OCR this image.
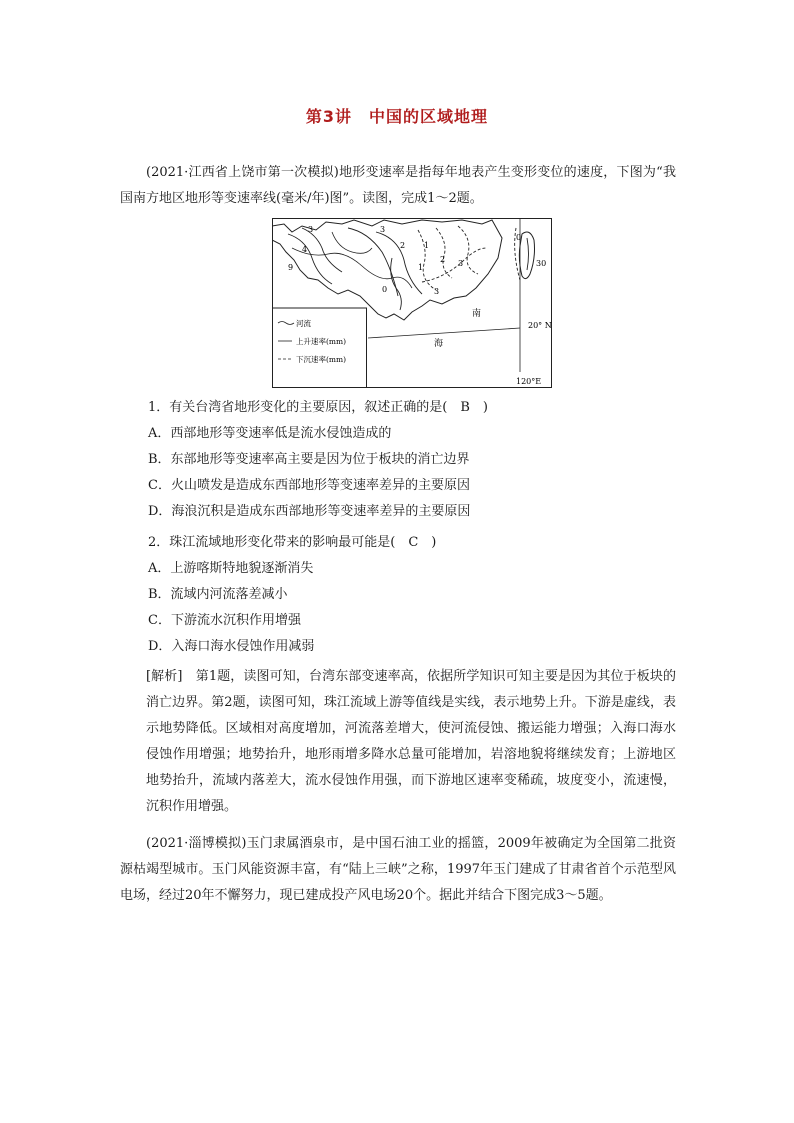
第3讲　中国的区域地理

(2021·江西省上饶市第一次模拟)地形变速率是指每年地表产生变形变位的速度，下图为“我国南方地区地形等变速率线(毫米/年)图”。读图，完成1～2题。

河流
上升速率(mm)
下沉速率(mm)
南
海
20° N
120°E
3
4
9
3
2 1
0
1
2 3
3
0
30

1．有关台湾省地形变化的主要原因，叙述正确的是(　B　)

A．西部地形等变速率低是流水侵蚀造成的

B．东部地形等变速率高主要是因为位于板块的消亡边界

C．火山喷发是造成东西部地形等变速率差异的主要原因

D．海浪沉积是造成东西部地形等变速率差异的主要原因

2．珠江流域地形变化带来的影响最可能是(　C　)

A．上游喀斯特地貌逐渐消失

B．流域内河流落差减小

C．下游流水沉积作用增强

D．入海口海水侵蚀作用减弱

[解析]　第1题，读图可知，台湾东部变速率高，依据所学知识可知主要是因为其位于板块的消亡边界。第2题，读图可知，珠江流域上游等值线是实线，表示地势上升。下游是虚线，表示地势降低。区域相对高度增加，河流落差增大，使河流侵蚀、搬运能力增强；入海口海水侵蚀作用增强；地势抬升，地形雨增多降水总量可能增加，岩溶地貌将继续发育；上游地区地势抬升，流域内落差大，流水侵蚀作用强，而下游地区速率变稀疏，坡度变小，流速慢，沉积作用增强。

(2021·淄博模拟)玉门隶属酒泉市，是中国石油工业的摇篮，2009年被确定为全国第二批资源枯竭型城市。玉门风能资源丰富，有“陆上三峡”之称，1997年玉门建成了甘肃省首个示范型风电场，经过20年不懈努力，现已建成投产风电场20个。据此并结合下图完成3～5题。
